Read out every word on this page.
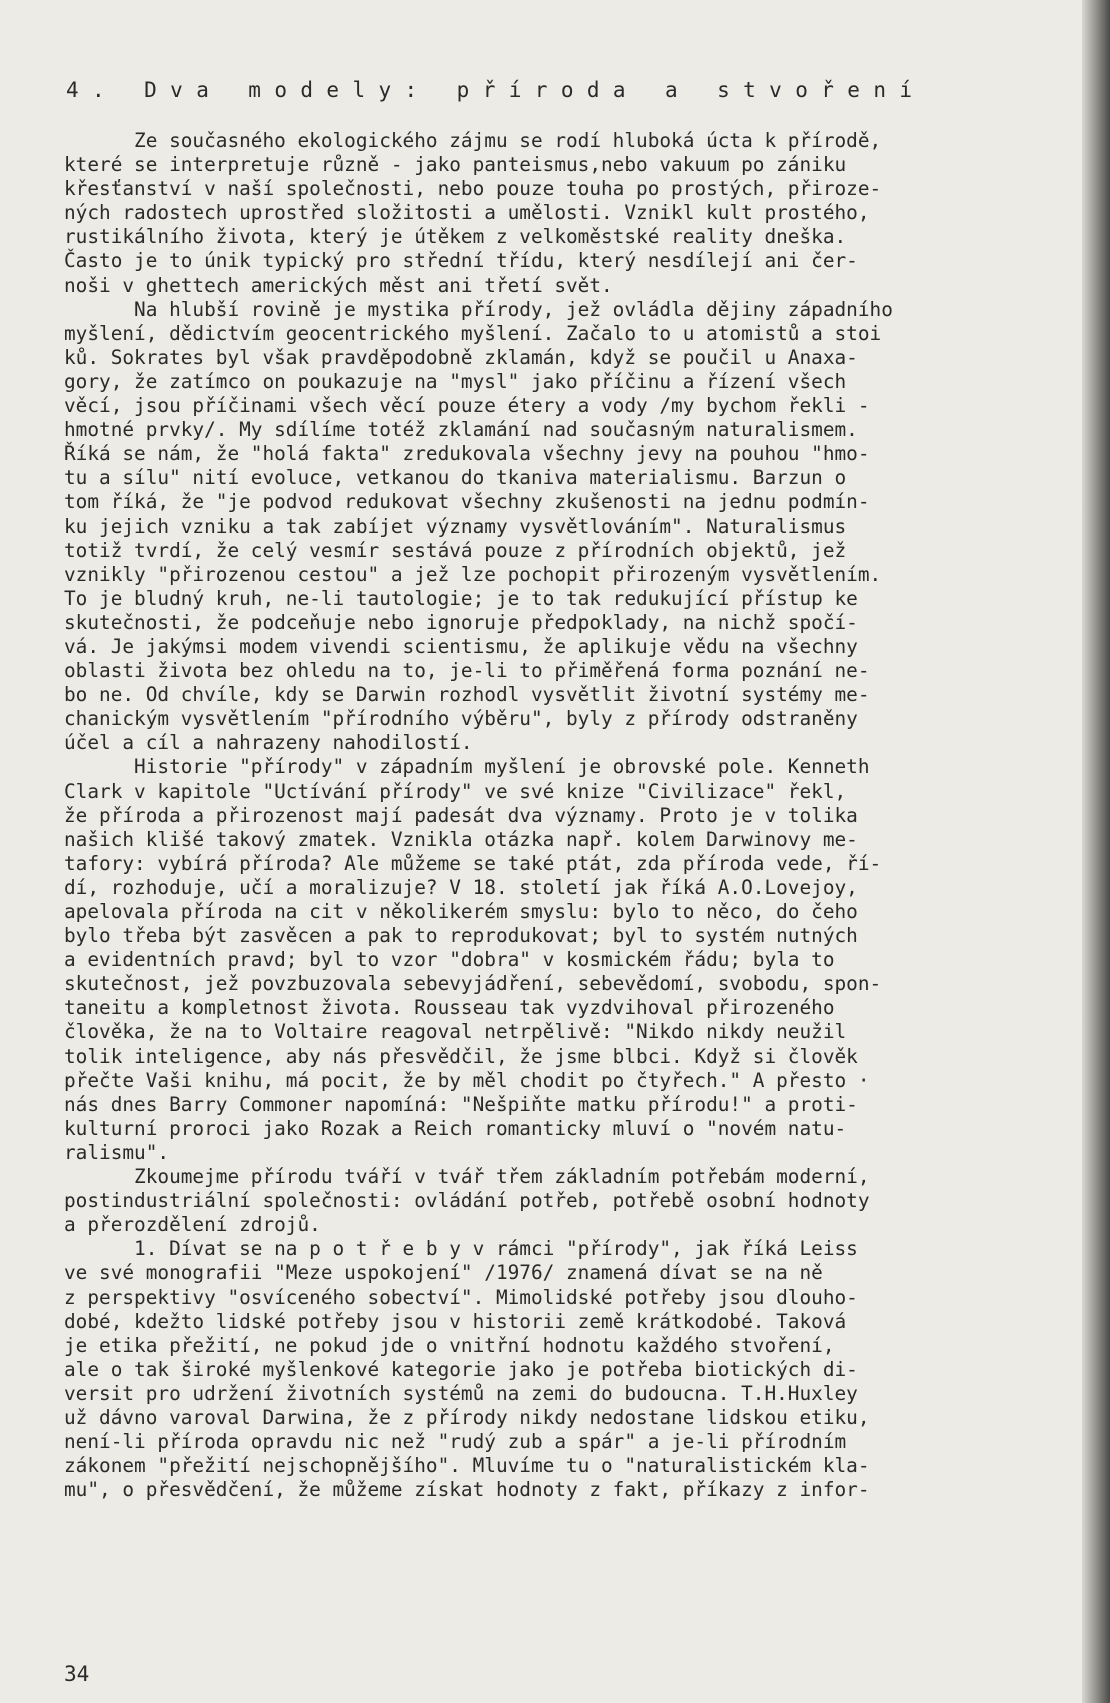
4. Dva modely: příroda a stvoření
Ze současného ekologického zájmu se rodí hluboká úcta k přírodě,
které se interpretuje různě - jako panteismus,nebo vakuum po zániku
křesťanství v naší společnosti, nebo pouze touha po prostých, přiroze-
ných radostech uprostřed složitosti a umělosti. Vznikl kult prostého,
rustikálního života, který je útěkem z velkoměstské reality dneška.
Často je to únik typický pro střední třídu, který nesdílejí ani čer-
noši v ghettech amerických měst ani třetí svět.
Na hlubší rovině je mystika přírody, jež ovládla dějiny západního
myšlení, dědictvím geocentrického myšlení. Začalo to u atomistů a stoi
ků. Sokrates byl však pravděpodobně zklamán, když se poučil u Anaxa-
gory, že zatímco on poukazuje na "mysl" jako příčinu a řízení všech
věcí, jsou příčinami všech věcí pouze étery a vody /my bychom řekli -
hmotné prvky/. My sdílíme totéž zklamání nad současným naturalismem.
Říká se nám, že "holá fakta" zredukovala všechny jevy na pouhou "hmo-
tu a sílu" nití evoluce, vetkanou do tkaniva materialismu. Barzun o
tom říká, že "je podvod redukovat všechny zkušenosti na jednu podmín-
ku jejich vzniku a tak zabíjet významy vysvětlováním". Naturalismus
totiž tvrdí, že celý vesmír sestává pouze z přírodních objektů, jež
vznikly "přirozenou cestou" a jež lze pochopit přirozeným vysvětlením.
To je bludný kruh, ne-li tautologie; je to tak redukující přístup ke
skutečnosti, že podceňuje nebo ignoruje předpoklady, na nichž spočí-
vá. Je jakýmsi modem vivendi scientismu, že aplikuje vědu na všechny
oblasti života bez ohledu na to, je-li to přiměřená forma poznání ne-
bo ne. Od chvíle, kdy se Darwin rozhodl vysvětlit životní systémy me-
chanickým vysvětlením "přírodního výběru", byly z přírody odstraněny
účel a cíl a nahrazeny nahodilostí.
Historie "přírody" v západním myšlení je obrovské pole. Kenneth
Clark v kapitole "Uctívání přírody" ve své knize "Civilizace" řekl,
že příroda a přirozenost mají padesát dva významy. Proto je v tolika
našich klišé takový zmatek. Vznikla otázka např. kolem Darwinovy me-
tafory: vybírá příroda? Ale můžeme se také ptát, zda příroda vede, ří-
dí, rozhoduje, učí a moralizuje? V 18. století jak říká A.O.Lovejoy,
apelovala příroda na cit v několikerém smyslu: bylo to něco, do čeho
bylo třeba být zasvěcen a pak to reprodukovat; byl to systém nutných
a evidentních pravd; byl to vzor "dobra" v kosmickém řádu; byla to
skutečnost, jež povzbuzovala sebevyjádření, sebevědomí, svobodu, spon-
taneitu a kompletnost života. Rousseau tak vyzdvihoval přirozeného
člověka, že na to Voltaire reagoval netrpělivě: "Nikdo nikdy neužil
tolik inteligence, aby nás přesvědčil, že jsme blbci. Když si člověk
přečte Vaši knihu, má pocit, že by měl chodit po čtyřech." A přesto ·
nás dnes Barry Commoner napomíná: "Nešpiňte matku přírodu!" a proti-
kulturní proroci jako Rozak a Reich romanticky mluví o "novém natu-
ralismu".
Zkoumejme přírodu tváří v tvář třem základním potřebám moderní,
postindustriální společnosti: ovládání potřeb, potřebě osobní hodnoty
a přerozdělení zdrojů.
1. Dívat se na p o t ř e b y v rámci "přírody", jak říká Leiss
ve své monografii "Meze uspokojení" /1976/ znamená dívat se na ně
z perspektivy "osvíceného sobectví". Mimolidské potřeby jsou dlouho-
dobé, kdežto lidské potřeby jsou v historii země krátkodobé. Taková
je etika přežití, ne pokud jde o vnitřní hodnotu každého stvoření,
ale o tak široké myšlenkové kategorie jako je potřeba biotických di-
versit pro udržení životních systémů na zemi do budoucna. T.H.Huxley
už dávno varoval Darwina, že z přírody nikdy nedostane lidskou etiku,
není-li příroda opravdu nic než "rudý zub a spár" a je-li přírodním
zákonem "přežití nejschopnějšího". Mluvíme tu o "naturalistickém kla-
mu", o přesvědčení, že můžeme získat hodnoty z fakt, příkazy z infor-
34
